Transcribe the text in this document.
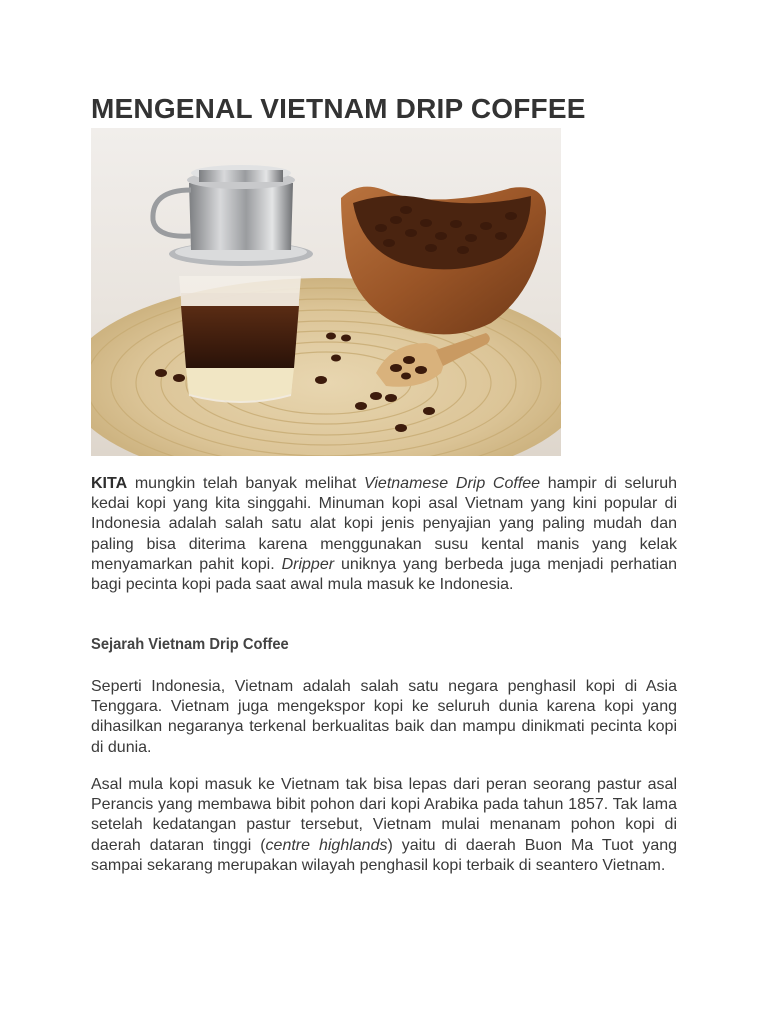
MENGENAL VIETNAM DRIP COFFEE

KITA mungkin telah banyak melihat Vietnamese Drip Coffee hampir di seluruh kedai kopi yang kita singgahi. Minuman kopi asal Vietnam yang kini popular di Indonesia adalah salah satu alat kopi jenis penyajian yang paling mudah dan paling bisa diterima karena menggunakan susu kental manis yang kelak menyamarkan pahit kopi. Dripper uniknya yang berbeda juga menjadi perhatian bagi pecinta kopi pada saat awal mula masuk ke Indonesia.

Sejarah Vietnam Drip Coffee

Seperti Indonesia, Vietnam adalah salah satu negara penghasil kopi di Asia Tenggara. Vietnam juga mengekspor kopi ke seluruh dunia karena kopi yang dihasilkan negaranya terkenal berkualitas baik dan mampu dinikmati pecinta kopi di dunia.

Asal mula kopi masuk ke Vietnam tak bisa lepas dari peran seorang pastur asal Perancis yang membawa bibit pohon dari kopi Arabika pada tahun 1857. Tak lama setelah kedatangan pastur tersebut, Vietnam mulai menanam pohon kopi di daerah dataran tinggi (centre highlands) yaitu di daerah Buon Ma Tuot yang sampai sekarang merupakan wilayah penghasil kopi terbaik di seantero Vietnam.
